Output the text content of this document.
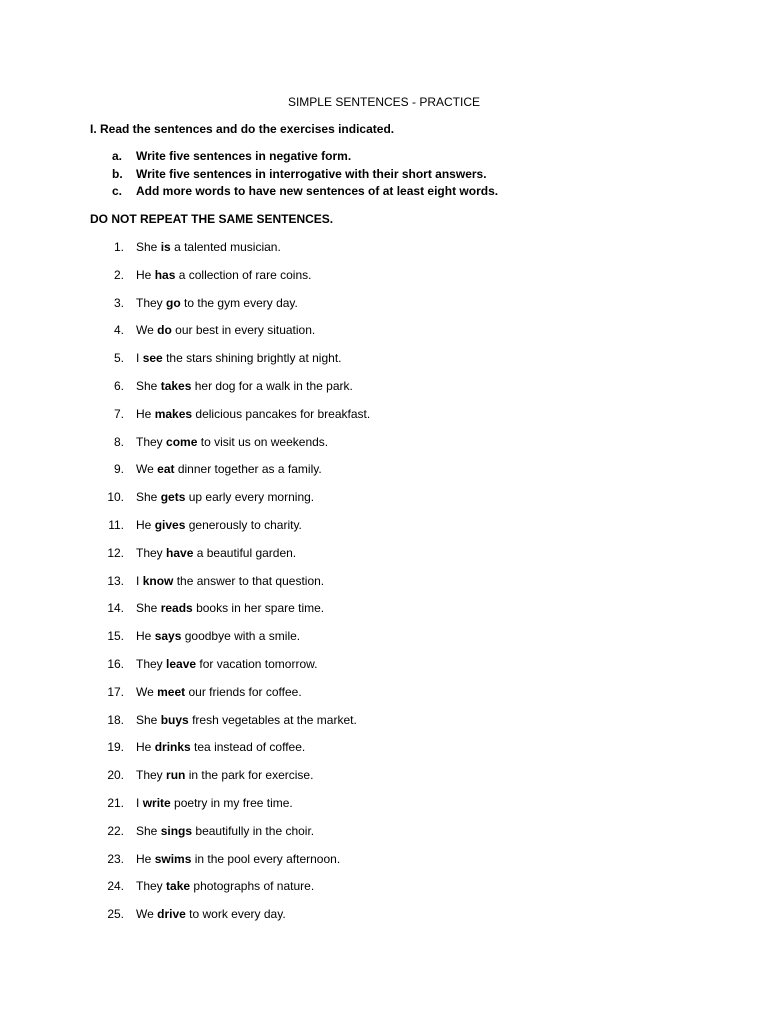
SIMPLE SENTENCES - PRACTICE
I. Read the sentences and do the exercises indicated.
a. Write five sentences in negative form.
b. Write five sentences in interrogative with their short answers.
c. Add more words to have new sentences of at least eight words.
DO NOT REPEAT THE SAME SENTENCES.
1. She is a talented musician.
2. He has a collection of rare coins.
3. They go to the gym every day.
4. We do our best in every situation.
5. I see the stars shining brightly at night.
6. She takes her dog for a walk in the park.
7. He makes delicious pancakes for breakfast.
8. They come to visit us on weekends.
9. We eat dinner together as a family.
10. She gets up early every morning.
11. He gives generously to charity.
12. They have a beautiful garden.
13. I know the answer to that question.
14. She reads books in her spare time.
15. He says goodbye with a smile.
16. They leave for vacation tomorrow.
17. We meet our friends for coffee.
18. She buys fresh vegetables at the market.
19. He drinks tea instead of coffee.
20. They run in the park for exercise.
21. I write poetry in my free time.
22. She sings beautifully in the choir.
23. He swims in the pool every afternoon.
24. They take photographs of nature.
25. We drive to work every day.
